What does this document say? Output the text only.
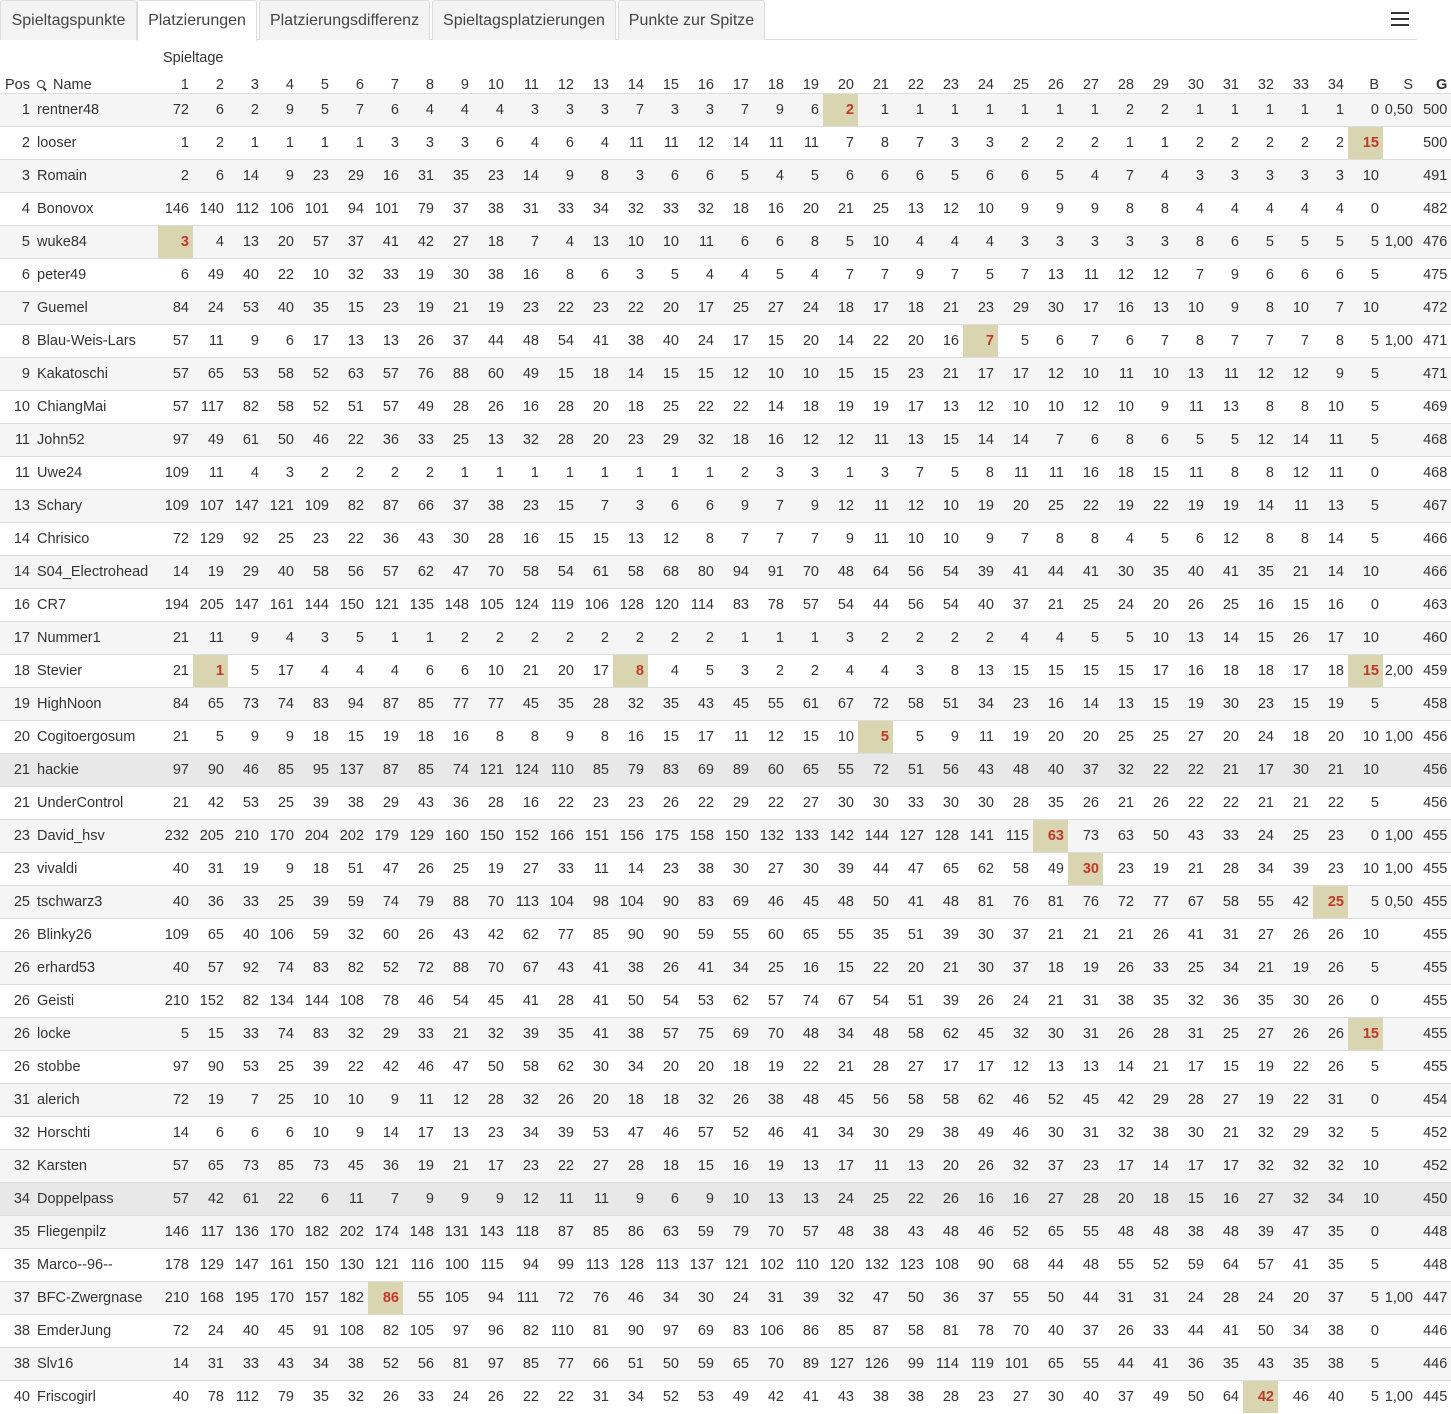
Spieltagspunkte	Platzierungen	Platzierungsdifferenz	Spieltagsplatzierungen	Punkte zur Spitze
		Spieltage																																				
Pos	Name	1	2	3	4	5	6	7	8	9	10	11	12	13	14	15	16	17	18	19	20	21	22	23	24	25	26	27	28	29	30	31	32	33	34	B	S	G
1	rentner48	72	6	2	9	5	7	6	4	4	4	3	3	3	7	3	3	7	9	6	2	1	1	1	1	1	1	1	2	2	1	1	1	1	1	0	0,50	500
2	looser	1	2	1	1	1	1	3	3	3	6	4	6	4	11	11	12	14	11	11	7	8	7	3	3	2	2	2	1	1	2	2	2	2	2	15		500
3	Romain	2	6	14	9	23	29	16	31	35	23	14	9	8	3	6	6	5	4	5	6	6	6	5	6	6	5	4	7	4	3	3	3	3	3	10		491
4	Bonovox	146	140	112	106	101	94	101	79	37	38	31	33	34	32	33	32	18	16	20	21	25	13	12	10	9	9	9	8	8	4	4	4	4	4	0		482
5	wuke84	3	4	13	20	57	37	41	42	27	18	7	4	13	10	10	11	6	6	8	5	10	4	4	4	3	3	3	3	3	8	6	5	5	5	5	1,00	476
6	peter49	6	49	40	22	10	32	33	19	30	38	16	8	6	3	5	4	4	5	4	7	7	9	7	5	7	13	11	12	12	7	9	6	6	6	5		475
7	Guemel	84	24	53	40	35	15	23	19	21	19	23	22	23	22	20	17	25	27	24	18	17	18	21	23	29	30	17	16	13	10	9	8	10	7	10		472
8	Blau-Weis-Lars	57	11	9	6	17	13	13	26	37	44	48	54	41	38	40	24	17	15	20	14	22	20	16	7	5	6	7	6	7	8	7	7	7	8	5	1,00	471
9	Kakatoschi	57	65	53	58	52	63	57	76	88	60	49	15	18	14	15	15	12	10	10	15	15	23	21	17	17	12	10	11	10	13	11	12	12	9	5		471
10	ChiangMai	57	117	82	58	52	51	57	49	28	26	16	28	20	18	25	22	22	14	18	19	19	17	13	12	10	10	12	10	9	11	13	8	8	10	5		469
11	John52	97	49	61	50	46	22	36	33	25	13	32	28	20	23	29	32	18	16	12	12	11	13	15	14	14	7	6	8	6	5	5	12	14	11	5		468
11	Uwe24	109	11	4	3	2	2	2	2	1	1	1	1	1	1	1	1	2	3	3	1	3	7	5	8	11	11	16	18	15	11	8	8	12	11	0		468
13	Schary	109	107	147	121	109	82	87	66	37	38	23	15	7	3	6	6	9	7	9	12	11	12	10	19	20	25	22	19	22	19	19	14	11	13	5		467
14	Chrisico	72	129	92	25	23	22	36	43	30	28	16	15	15	13	12	8	7	7	7	9	11	10	10	9	7	8	8	4	5	6	12	8	8	14	5		466
14	S04_Electrohead	14	19	29	40	58	56	57	62	47	70	58	54	61	58	68	80	94	91	70	48	64	56	54	39	41	44	41	30	35	40	41	35	21	14	10		466
16	CR7	194	205	147	161	144	150	121	135	148	105	124	119	106	128	120	114	83	78	57	54	44	56	54	40	37	21	25	24	20	26	25	16	15	16	0		463
17	Nummer1	21	11	9	4	3	5	1	1	2	2	2	2	2	2	2	2	1	1	1	3	2	2	2	2	4	4	5	5	10	13	14	15	26	17	10		460
18	Stevier	21	1	5	17	4	4	4	6	6	10	21	20	17	8	4	5	3	2	2	4	4	3	8	13	15	15	15	15	17	16	18	18	17	18	15	2,00	459
19	HighNoon	84	65	73	74	83	94	87	85	77	77	45	35	28	32	35	43	45	55	61	67	72	58	51	34	23	16	14	13	15	19	30	23	15	19	5		458
20	Cogitoergosum	21	5	9	9	18	15	19	18	16	8	8	9	8	16	15	17	11	12	15	10	5	5	9	11	19	20	20	25	25	27	20	24	18	20	10	1,00	456
21	hackie	97	90	46	85	95	137	87	85	74	121	124	110	85	79	83	69	89	60	65	55	72	51	56	43	48	40	37	32	22	22	21	17	30	21	10		456
21	UnderControl	21	42	53	25	39	38	29	43	36	28	16	22	23	23	26	22	29	22	27	30	30	33	30	30	28	35	26	21	26	22	22	21	21	22	5		456
23	David_hsv	232	205	210	170	204	202	179	129	160	150	152	166	151	156	175	158	150	132	133	142	144	127	128	141	115	63	73	63	50	43	33	24	25	23	0	1,00	455
23	vivaldi	40	31	19	9	18	51	47	26	25	19	27	33	11	14	23	38	30	27	30	39	44	47	65	62	58	49	30	23	19	21	28	34	39	23	10	1,00	455
25	tschwarz3	40	36	33	25	39	59	74	79	88	70	113	104	98	104	90	83	69	46	45	48	50	41	48	81	76	81	76	72	77	67	58	55	42	25	5	0,50	455
26	Blinky26	109	65	40	106	59	32	60	26	43	42	62	77	85	90	90	59	55	60	65	55	35	51	39	30	37	21	21	21	26	41	31	27	26	26	10		455
26	erhard53	40	57	92	74	83	82	52	72	88	70	67	43	41	38	26	41	34	25	16	15	22	20	21	30	37	18	19	26	33	25	34	21	19	26	5		455
26	Geisti	210	152	82	134	144	108	78	46	54	45	41	28	41	50	54	53	62	57	74	67	54	51	39	26	24	21	31	38	35	32	36	35	30	26	0		455
26	locke	5	15	33	74	83	32	29	33	21	32	39	35	41	38	57	75	69	70	48	34	48	58	62	45	32	30	31	26	28	31	25	27	26	26	15		455
26	stobbe	97	90	53	25	39	22	42	46	47	50	58	62	30	34	20	20	18	19	22	21	28	27	17	17	12	13	13	14	21	17	15	19	22	26	5		455
31	alerich	72	19	7	25	10	10	9	11	12	28	32	26	20	18	18	32	26	38	48	45	56	58	58	62	46	52	45	42	29	28	27	19	22	31	0		454
32	Horschti	14	6	6	6	10	9	14	17	13	23	34	39	53	47	46	57	52	46	41	34	30	29	38	49	46	30	31	32	38	30	21	32	29	32	5		452
32	Karsten	57	65	73	85	73	45	36	19	21	17	23	22	27	28	18	15	16	19	13	17	11	13	20	26	32	37	23	17	14	17	17	32	32	32	10		452
34	Doppelpass	57	42	61	22	6	11	7	9	9	9	12	11	11	9	6	9	10	13	13	24	25	22	26	16	16	27	28	20	18	15	16	27	32	34	10		450
35	Fliegenpilz	146	117	136	170	182	202	174	148	131	143	118	87	85	86	63	59	79	70	57	48	38	43	48	46	52	65	55	48	48	38	48	39	47	35	0		448
35	Marco--96--	178	129	147	161	150	130	121	116	100	115	94	99	113	128	113	137	121	102	110	120	132	123	108	90	68	44	48	55	52	59	64	57	41	35	5		448
37	BFC-Zwergnase	210	168	195	170	157	182	86	55	105	94	111	72	76	46	34	30	24	31	39	32	47	50	36	37	55	50	44	31	31	24	28	24	20	37	5	1,00	447
38	EmderJung	72	24	40	45	91	108	82	105	97	96	82	110	81	90	97	69	83	106	86	85	87	58	81	78	70	40	37	26	33	44	41	50	34	38	0		446
38	Slv16	14	31	33	43	34	38	52	56	81	97	85	77	66	51	50	59	65	70	89	127	126	99	114	119	101	65	55	44	41	36	35	43	35	38	5		446
40	Friscogirl	40	78	112	79	35	32	26	33	24	26	22	22	31	34	52	53	49	42	41	43	38	38	28	23	27	30	40	37	49	50	64	42	46	40	5	1,00	445
